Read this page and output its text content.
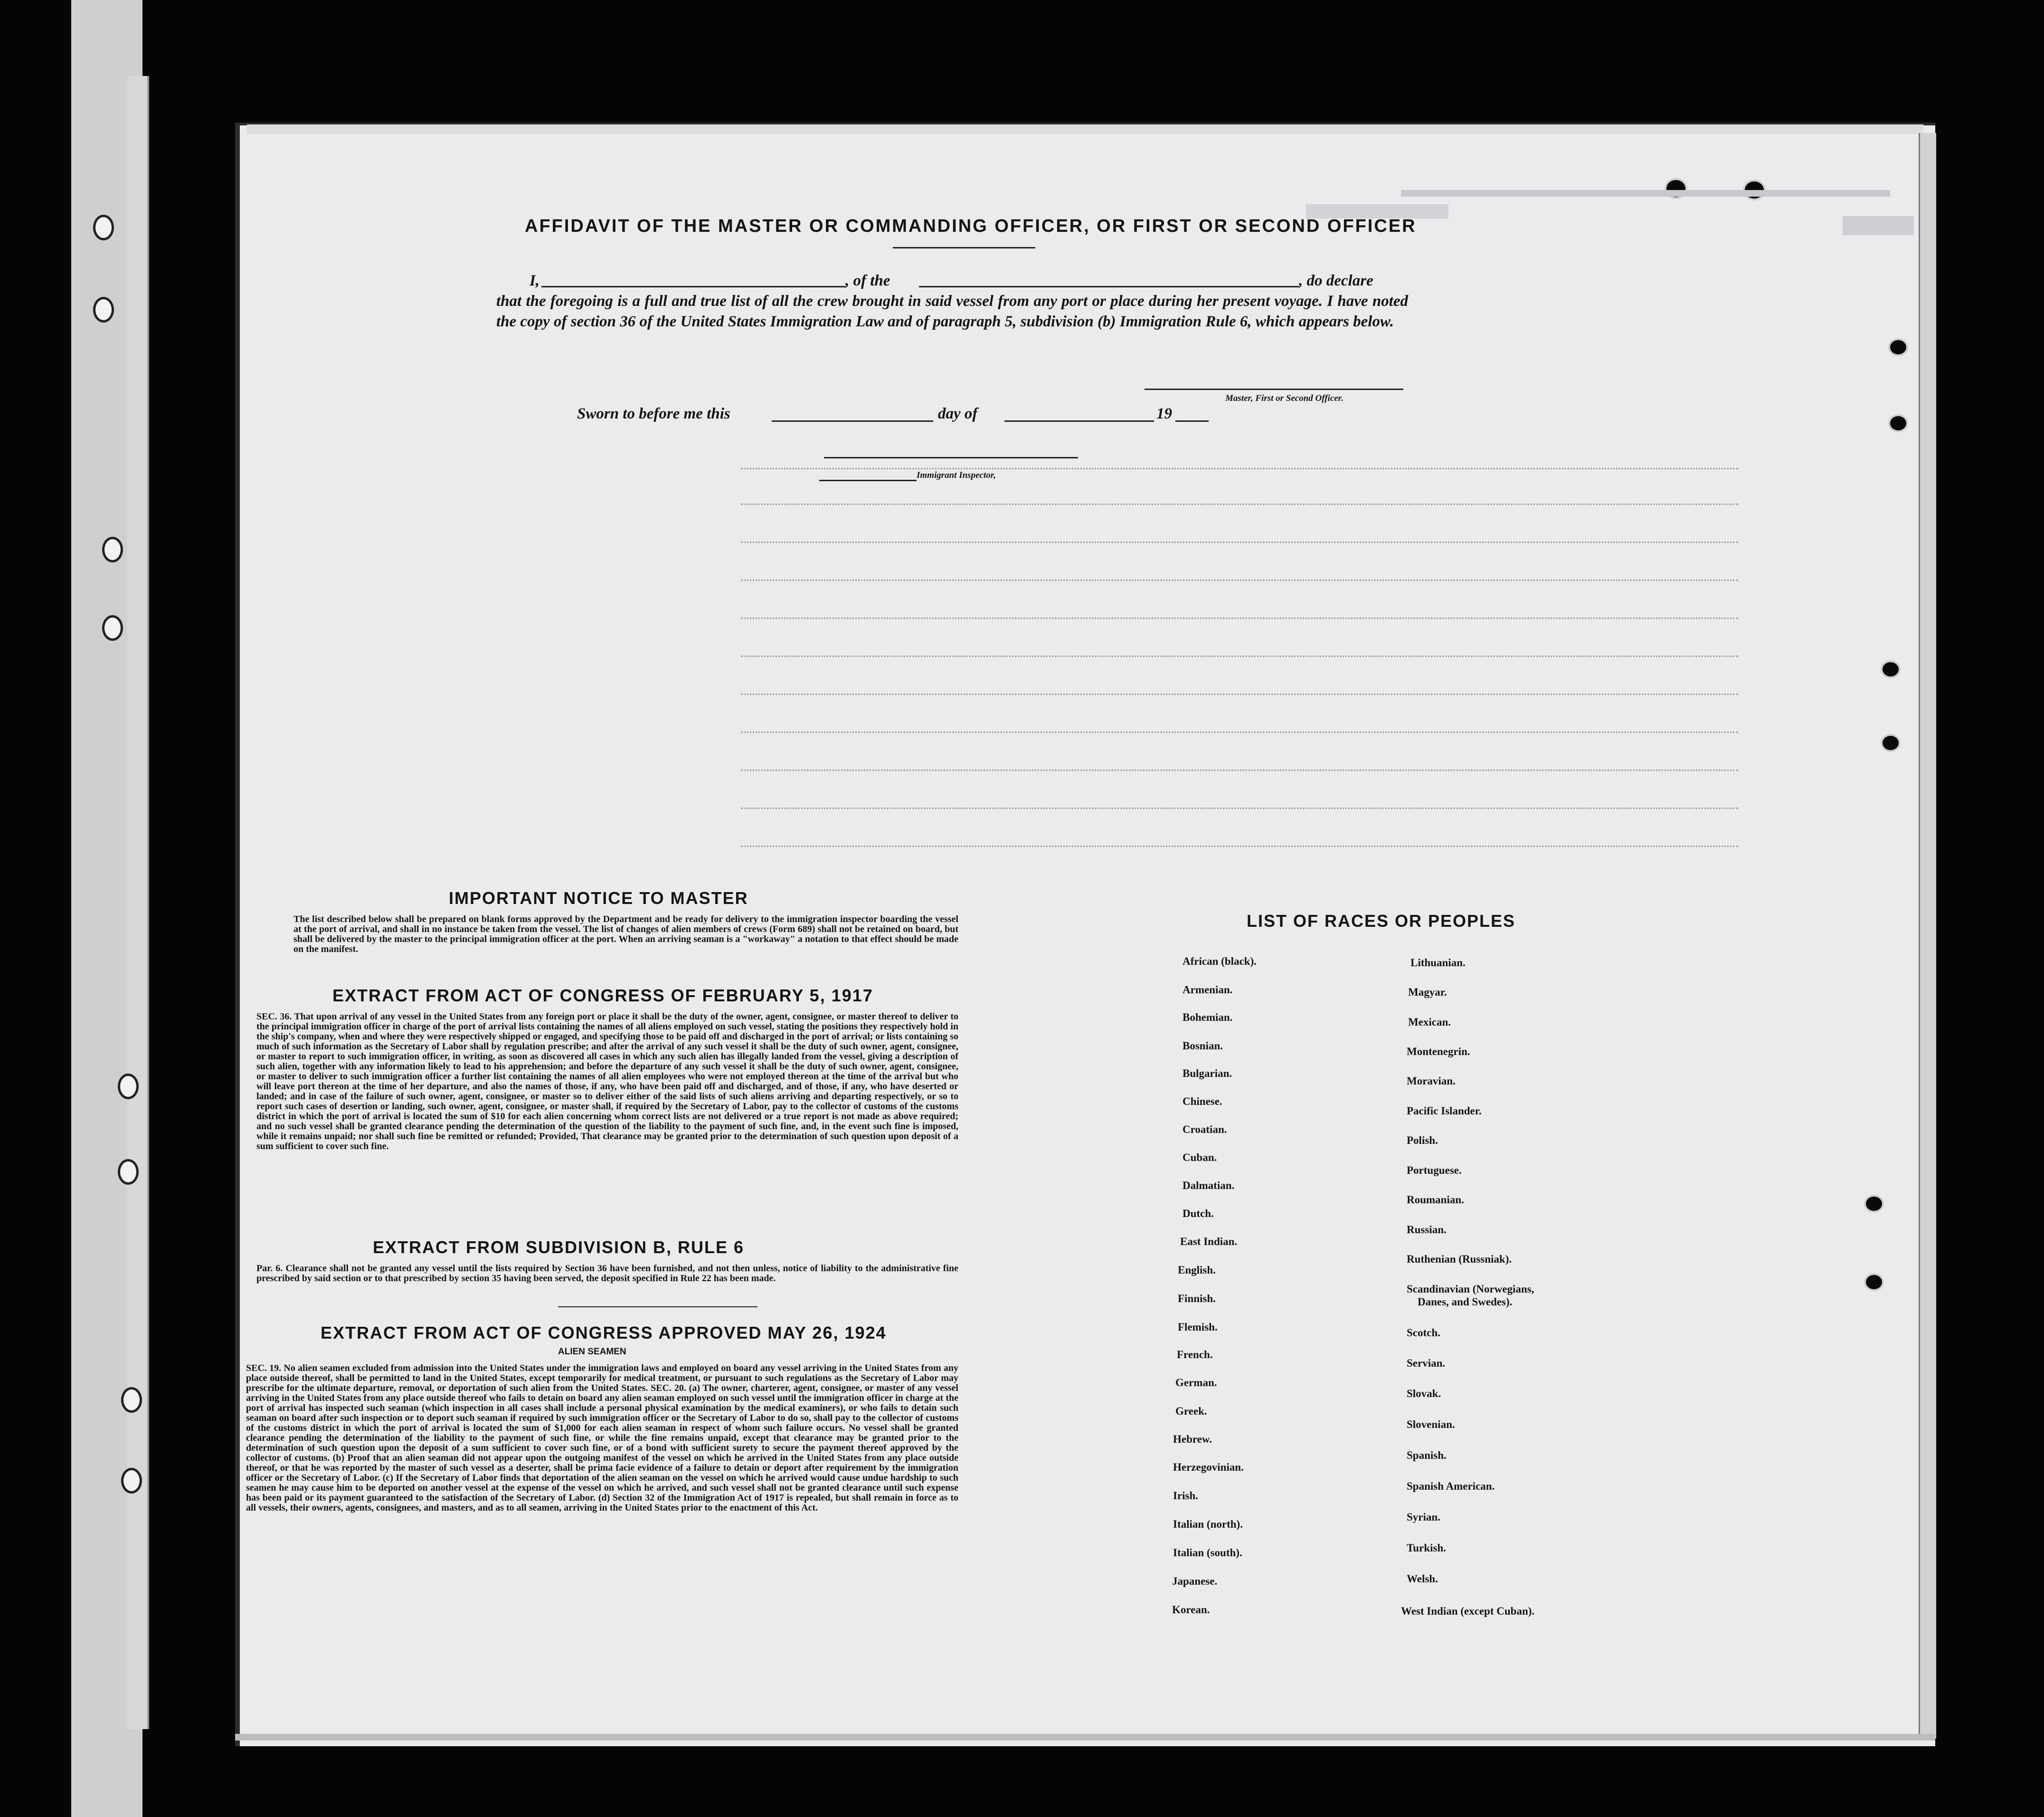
AFFIDAVIT OF THE MASTER OR COMMANDING OFFICER, OR FIRST OR SECOND OFFICER
I,	, of the	, do declare
that the foregoing is a full and true list of all the crew brought in said vessel from any port or place during her present voyage. I have noted the copy of section 36 of the United States Immigration Law and of paragraph 5, subdivision (b) Immigration Rule 6, which appears below.
Master, First or Second Officer.
Sworn to before me this	day of	19
Immigrant Inspector,
IMPORTANT NOTICE TO MASTER
The list described below shall be prepared on blank forms approved by the Department and be ready for delivery to the immigration inspector boarding the vessel at the port of arrival, and shall in no instance be taken from the vessel. The list of changes of alien members of crews (Form 689) shall not be retained on board, but shall be delivered by the master to the principal immigration officer at the port. When an arriving seaman is a "workaway" a notation to that effect should be made on the manifest.
EXTRACT FROM ACT OF CONGRESS OF FEBRUARY 5, 1917
SEC. 36. That upon arrival of any vessel in the United States from any foreign port or place it shall be the duty of the owner, agent, consignee, or master thereof to deliver to the principal immigration officer in charge of the port of arrival lists containing the names of all aliens employed on such vessel, stating the positions they respectively hold in the ship's company, when and where they were respectively shipped or engaged, and specifying those to be paid off and discharged in the port of arrival; or lists containing so much of such information as the Secretary of Labor shall by regulation prescribe; and after the arrival of any such vessel it shall be the duty of such owner, agent, consignee, or master to report to such immigration officer, in writing, as soon as discovered all cases in which any such alien has illegally landed from the vessel, giving a description of such alien, together with any information likely to lead to his apprehension; and before the departure of any such vessel it shall be the duty of such owner, agent, consignee, or master to deliver to such immigration officer a further list containing the names of all alien employees who were not employed thereon at the time of the arrival but who will leave port thereon at the time of her departure, and also the names of those, if any, who have been paid off and discharged, and of those, if any, who have deserted or landed; and in case of the failure of such owner, agent, consignee, or master so to deliver either of the said lists of such aliens arriving and departing respectively, or so to report such cases of desertion or landing, such owner, agent, consignee, or master shall, if required by the Secretary of Labor, pay to the collector of customs of the customs district in which the port of arrival is located the sum of $10 for each alien concerning whom correct lists are not delivered or a true report is not made as above required; and no such vessel shall be granted clearance pending the determination of the question of the liability to the payment of such fine, and, in the event such fine is imposed, while it remains unpaid; nor shall such fine be remitted or refunded; Provided, That clearance may be granted prior to the determination of such question upon deposit of a sum sufficient to cover such fine.
EXTRACT FROM SUBDIVISION B, RULE 6
Par. 6. Clearance shall not be granted any vessel until the lists required by Section 36 have been furnished, and not then unless, notice of liability to the administrative fine prescribed by said section or to that prescribed by section 35 having been served, the deposit specified in Rule 22 has been made.
EXTRACT FROM ACT OF CONGRESS APPROVED MAY 26, 1924
ALIEN SEAMEN
SEC. 19. No alien seamen excluded from admission into the United States under the immigration laws and employed on board any vessel arriving in the United States from any place outside thereof, shall be permitted to land in the United States, except temporarily for medical treatment, or pursuant to such regulations as the Secretary of Labor may prescribe for the ultimate departure, removal, or deportation of such alien from the United States. SEC. 20. (a) The owner, charterer, agent, consignee, or master of any vessel arriving in the United States from any place outside thereof who fails to detain on board any alien seaman employed on such vessel until the immigration officer in charge at the port of arrival has inspected such seaman (which inspection in all cases shall include a personal physical examination by the medical examiners), or who fails to detain such seaman on board after such inspection or to deport such seaman if required by such immigration officer or the Secretary of Labor to do so, shall pay to the collector of customs of the customs district in which the port of arrival is located the sum of $1,000 for each alien seaman in respect of whom such failure occurs. No vessel shall be granted clearance pending the determination of the liability to the payment of such fine, or while the fine remains unpaid, except that clearance may be granted prior to the determination of such question upon the deposit of a sum sufficient to cover such fine, or of a bond with sufficient surety to secure the payment thereof approved by the collector of customs. (b) Proof that an alien seaman did not appear upon the outgoing manifest of the vessel on which he arrived in the United States from any place outside thereof, or that he was reported by the master of such vessel as a deserter, shall be prima facie evidence of a failure to detain or deport after requirement by the immigration officer or the Secretary of Labor. (c) If the Secretary of Labor finds that deportation of the alien seaman on the vessel on which he arrived would cause undue hardship to such seamen he may cause him to be deported on another vessel at the expense of the vessel on which he arrived, and such vessel shall not be granted clearance until such expense has been paid or its payment guaranteed to the satisfaction of the Secretary of Labor. (d) Section 32 of the Immigration Act of 1917 is repealed, but shall remain in force as to all vessels, their owners, agents, consignees, and masters, and as to all seamen, arriving in the United States prior to the enactment of this Act.
LIST OF RACES OR PEOPLES
African (black).
Armenian.
Bohemian.
Bosnian.
Bulgarian.
Chinese.
Croatian.
Cuban.
Dalmatian.
Dutch.
East Indian.
English.
Finnish.
Flemish.
French.
German.
Greek.
Hebrew.
Herzegovinian.
Irish.
Italian (north).
Italian (south).
Japanese.
Korean.
Lithuanian.
Magyar.
Mexican.
Montenegrin.
Moravian.
Pacific Islander.
Polish.
Portuguese.
Roumanian.
Russian.
Ruthenian (Russniak).
Scandinavian (Norwegians,
Danes, and Swedes).
Scotch.
Servian.
Slovak.
Slovenian.
Spanish.
Spanish American.
Syrian.
Turkish.
Welsh.
West Indian (except Cuban).
